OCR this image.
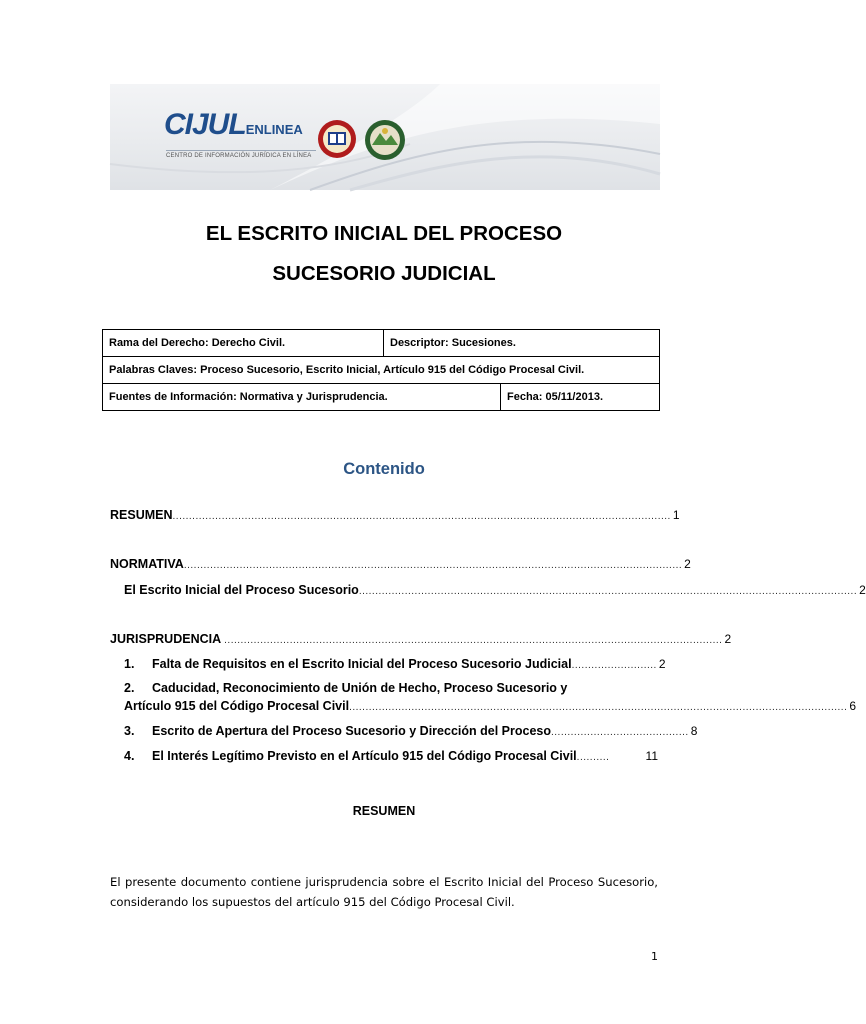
CIJULENLINEA
CENTRO DE INFORMACIÓN JURÍDICA EN LÍNEA
EL ESCRITO INICIAL DEL PROCESO
SUCESORIO JUDICIAL
Rama del Derecho: Derecho Civil.	Descriptor: Sucesiones.	
Palabras Claves: Proceso Sucesorio, Escrito Inicial, Artículo 915 del Código Procesal Civil.		
Fuentes de Información: Normativa y Jurisprudencia.		Fecha: 05/11/2013.
Contenido
RESUMEN ........................................................................................................................................................ 1
NORMATIVA ........................................................................................................................................................ 2
El Escrito Inicial del Proceso Sucesorio ........................................................................................................................................................ 2
JURISPRUDENCIA ........................................................................................................................................................ 2
1. Falta de Requisitos en el Escrito Inicial del Proceso Sucesorio Judicial .......................... 2
2. Caducidad, Reconocimiento de Unión de Hecho, Proceso Sucesorio y
Artículo 915 del Código Procesal Civil ........................................................................................................................................................ 6
3. Escrito de Apertura del Proceso Sucesorio y Dirección del Proceso .......................................... 8
4. El Interés Legítimo Previsto en el Artículo 915 del Código Procesal Civil ..........	11
RESUMEN
El presente documento contiene jurisprudencia sobre el Escrito Inicial del Proceso Sucesorio, considerando los supuestos del artículo 915 del Código Procesal Civil.
1
